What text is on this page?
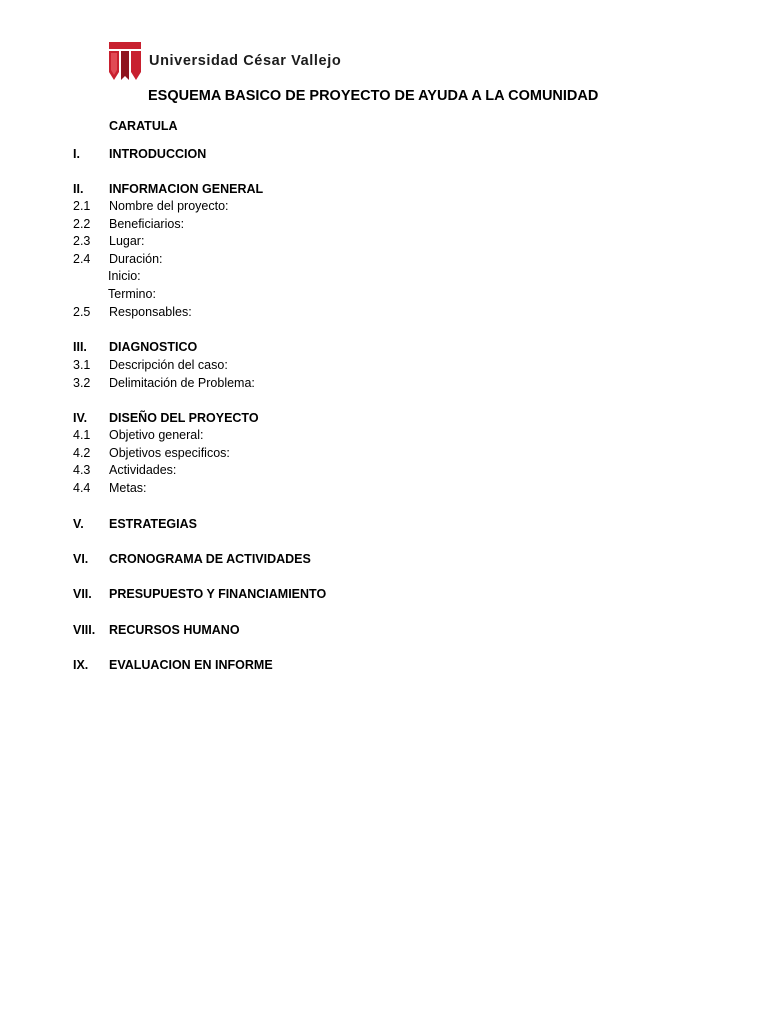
Universidad César Vallejo
ESQUEMA BASICO DE PROYECTO DE AYUDA A LA COMUNIDAD
CARATULA
I. INTRODUCCION
II. INFORMACION GENERAL
2.1 Nombre del proyecto:
2.2 Beneficiarios:
2.3 Lugar:
2.4 Duración:
Inicio:
Termino:
2.5 Responsables:
III. DIAGNOSTICO
3.1 Descripción del caso:
3.2 Delimitación de Problema:
IV. DISEÑO DEL PROYECTO
4.1 Objetivo general:
4.2 Objetivos especificos:
4.3 Actividades:
4.4 Metas:
V. ESTRATEGIAS
VI. CRONOGRAMA DE ACTIVIDADES
VII. PRESUPUESTO Y FINANCIAMIENTO
VIII. RECURSOS HUMANO
IX. EVALUACION EN INFORME
